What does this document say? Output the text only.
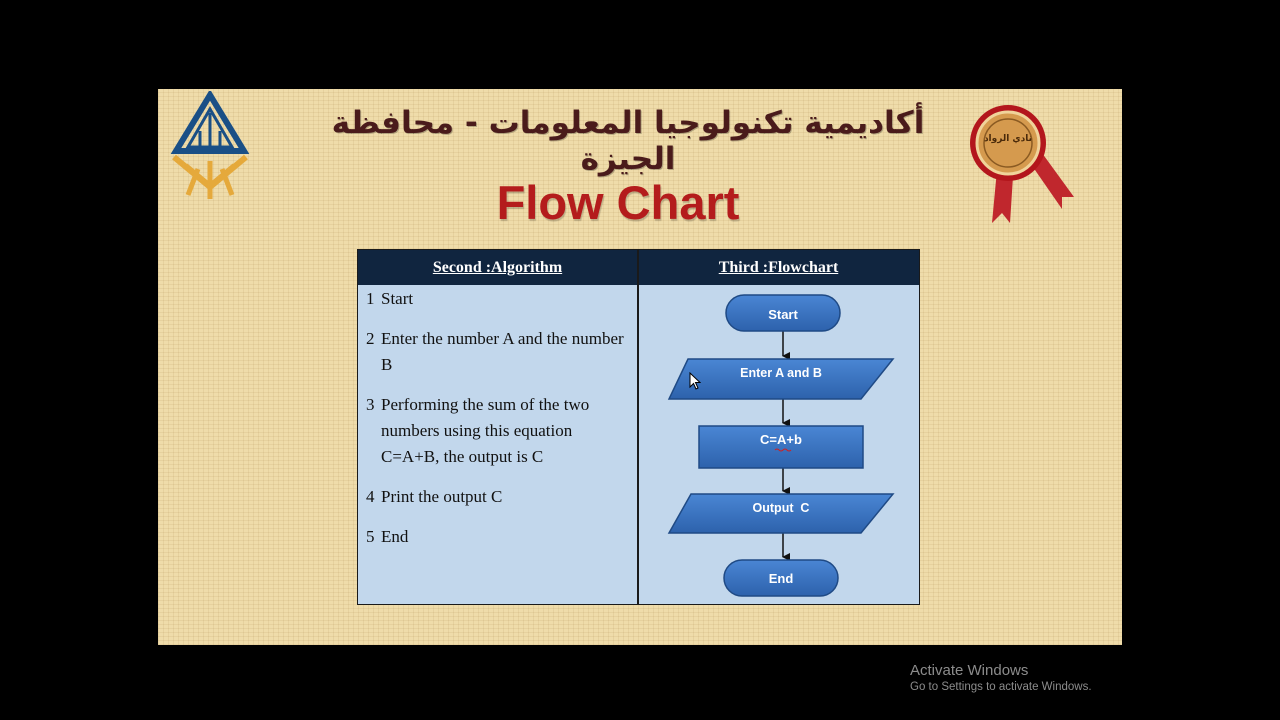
أكاديمية تكنولوجيا المعلومات - محافظة الجيزة
Flow Chart
نادي الرواد
Second :Algorithm	Third :Flowchart
1 Start
2 Enter the number A and the number B
3 Performing the sum of the two numbers using this equation C=A+B, the output is C
4 Print the output C
5 End
Start
Enter A and B
C=A+b
Output  C
End
Activate Windows
Go to Settings to activate Windows.
